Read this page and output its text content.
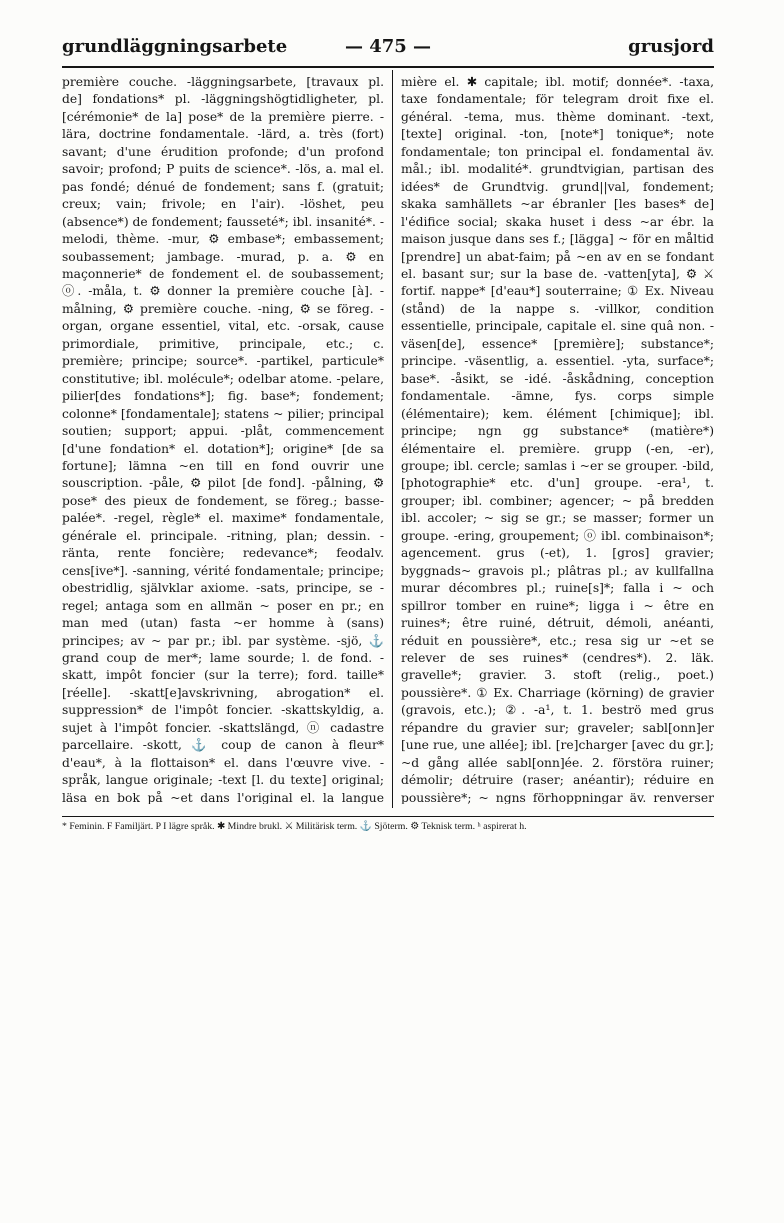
grundläggningsarbete	— 475 —	grusjord

première couche. -läggningsarbete, [travaux pl. de] fondations* pl. -läggningshögtidligheter, pl. [cérémonie* de la] pose* de la première pierre. -lära, doctrine fondamentale. -lärd, a. très (fort) savant; d'une érudition profonde; d'un profond savoir; profond; P puits de science*. -lös, a. mal el. pas fondé; dénué de fondement; sans f. (gratuit; creux; vain; frivole; en l'air). -löshet, peu (absence*) de fondement; fausseté*; ibl. insanité*. -melodi, thème. -mur, ⚙ embase*; embassement; soubassement; jambage. -murad, p. a. ⚙ en maçonnerie* de fondement el. de soubassement; ⓞ. -måla, t. ⚙ donner la première couche [à]. -målning, ⚙ première couche. -ning, ⚙ se föreg. -organ, organe essentiel, vital, etc. -orsak, cause primordiale, primitive, principale, etc.; c. première; principe; source*. -partikel, particule* constitutive; ibl. molécule*; odelbar atome. -pelare, pilier[des fondations*]; fig. base*; fondement; colonne* [fondamentale]; statens ~ pilier; principal soutien; support; appui. -plåt, commencement [d'une fondation* el. dotation*]; origine* [de sa fortune]; lämna ~en till en fond ouvrir une souscription. -påle, ⚙ pilot [de fond]. -pålning, ⚙ pose* des pieux de fondement, se föreg.; basse-palée*. -regel, règle* el. maxime* fondamentale, générale el. principale. -ritning, plan; dessin. -ränta, rente foncière; redevance*; feodalv. cens[ive*]. -sanning, vérité fondamentale; principe; obestridlig, självklar axiome. -sats, principe, se -regel; antaga som en allmän ~ poser en pr.; en man med (utan) fasta ~er homme à (sans) principes; av ~ par pr.; ibl. par système. -sjö, ⚓ grand coup de mer*; lame sourde; l. de fond. -skatt, impôt foncier (sur la terre); ford. taille* [réelle]. -skatt[e]avskrivning, abrogation* el. suppression* de l'impôt foncier. -skattskyldig, a. sujet à l'impôt foncier. -skattslängd, ⓝ cadastre parcellaire. -skott, ⚓ coup de canon à fleur* d'eau*, à la flottaison* el. dans l'œuvre vive. -språk, langue originale; -text [l. du texte] original; läsa en bok på ~et dans l'original el. la langue

mière el. ✱ capitale; ibl. motif; donnée*. -taxa, taxe fondamentale; för telegram droit fixe el. général. -tema, mus. thème dominant. -text, [texte] original. -ton, [note*] tonique*; note fondamentale; ton principal el. fondamental äv. mål.; ibl. modalité*. grundtvigian, partisan des idées* de Grundtvig. grund||val, fondement; skaka samhällets ~ar ébranler [les bases* de] l'édifice social; skaka huset i dess ~ar ébr. la maison jusque dans ses f.; [lägga] ~ för en måltid [prendre] un abat-faim; på ~en av en se fondant el. basant sur; sur la base de. -vatten[yta], ⚙ ⚔ fortif. nappe* [d'eau*] souterraine; ① Ex. Niveau (stånd) de la nappe s. -villkor, condition essentielle, principale, capitale el. sine quâ non. -väsen[de], essence* [première]; substance*; principe. -väsentlig, a. essentiel. -yta, surface*; base*. -åsikt, se -idé. -åskådning, conception fondamentale. -ämne, fys. corps simple (élémentaire); kem. élément [chimique]; ibl. principe; ngn gg substance* (matière*) élémentaire el. première. grupp (-en, -er), groupe; ibl. cercle; samlas i ~er se grouper. -bild, [photographie* etc. d'un] groupe. -era¹, t. grouper; ibl. combiner; agencer; ~ på bredden ibl. accoler; ~ sig se gr.; se masser; former un groupe. -ering, groupement; ⓞ ibl. combinaison*; agencement. grus (-et), 1. [gros] gravier; byggnads~ gravois pl.; plâtras pl.; av kullfallna murar décombres pl.; ruine[s]*; falla i ~ och spillror tomber en ruine*; ligga i ~ être en ruines*; être ruiné, détruit, démoli, anéanti, réduit en poussière*, etc.; resa sig ur ~et se relever de ses ruines* (cendres*). 2. läk. gravelle*; gravier. 3. stoft (relig., poet.) poussière*. ① Ex. Charriage (körning) de gravier (gravois, etc.); ②. -a¹, t. 1. beströ med grus répandre du gravier sur; graveler; sabl[onn]er [une rue, une allée]; ibl. [re]charger [avec du gr.]; ~d gång allée sabl[onn]ée. 2. förstöra ruiner; démolir; détruire (raser; anéantir); réduire en poussière*; ~ ngns förhoppningar äv. renverser

* Feminin. F Familjärt. P I lägre språk. ✱ Mindre brukl. ⚔ Militärisk term. ⚓ Sjöterm. ⚙ Teknisk term. ʰ aspirerat h.
